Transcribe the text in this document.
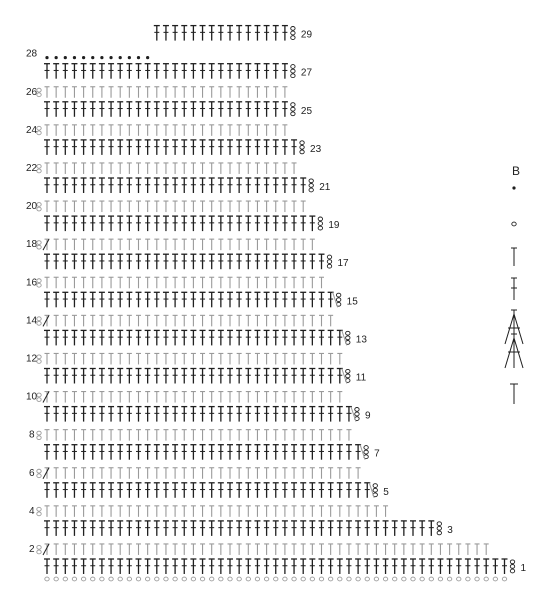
1
2
3
4
5
6
7
8
9
10
11
12
13
14
15
16
17
18
19
20
21
22
23
24
25
26
27
28
29
B
